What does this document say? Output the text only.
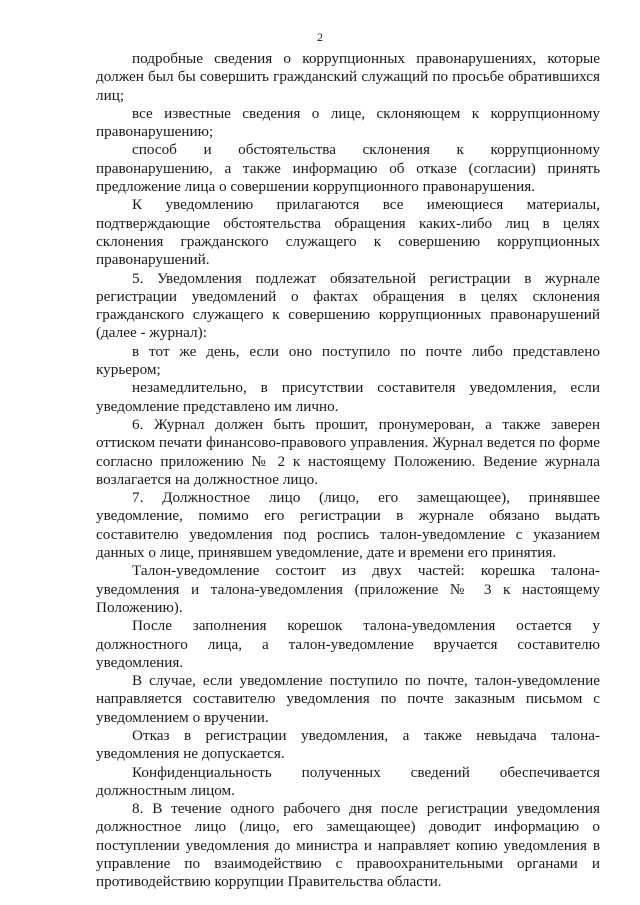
2

подробные сведения о коррупционных правонарушениях, которые должен был бы совершить гражданский служащий по просьбе обратившихся лиц;

все известные сведения о лице, склоняющем к коррупционному правонарушению;

способ и обстоятельства склонения к коррупционному правонарушению, а также информацию об отказе (согласии) принять предложение лица о совершении коррупционного правонарушения.

К уведомлению прилагаются все имеющиеся материалы, подтверждающие обстоятельства обращения каких-либо лиц в целях склонения гражданского служащего к совершению коррупционных правонарушений.

5. Уведомления подлежат обязательной регистрации в журнале регистрации уведомлений о фактах обращения в целях склонения гражданского служащего к совершению коррупционных правонарушений (далее - журнал):

в тот же день, если оно поступило по почте либо представлено курьером;

незамедлительно, в присутствии составителя уведомления, если уведомление представлено им лично.

6. Журнал должен быть прошит, пронумерован, а также заверен оттиском печати финансово-правового управления. Журнал ведется по форме согласно приложению № 2 к настоящему Положению. Ведение журнала возлагается на должностное лицо.

7. Должностное лицо (лицо, его замещающее), принявшее уведомление, помимо его регистрации в журнале обязано выдать составителю уведомления под роспись талон-уведомление с указанием данных о лице, принявшем уведомление, дате и времени его принятия.

Талон-уведомление состоит из двух частей: корешка талона-уведомления и талона-уведомления (приложение № 3 к настоящему Положению).

После заполнения корешок талона-уведомления остается у должностного лица, а талон-уведомление вручается составителю уведомления.

В случае, если уведомление поступило по почте, талон-уведомление направляется составителю уведомления по почте заказным письмом с уведомлением о вручении.

Отказ в регистрации уведомления, а также невыдача талона-уведомления не допускается.

Конфиденциальность полученных сведений обеспечивается должностным лицом.

8. В течение одного рабочего дня после регистрации уведомления должностное лицо (лицо, его замещающее) доводит информацию о поступлении уведомления до министра и направляет копию уведомления в управление по взаимодействию с правоохранительными органами и противодействию коррупции Правительства области.
